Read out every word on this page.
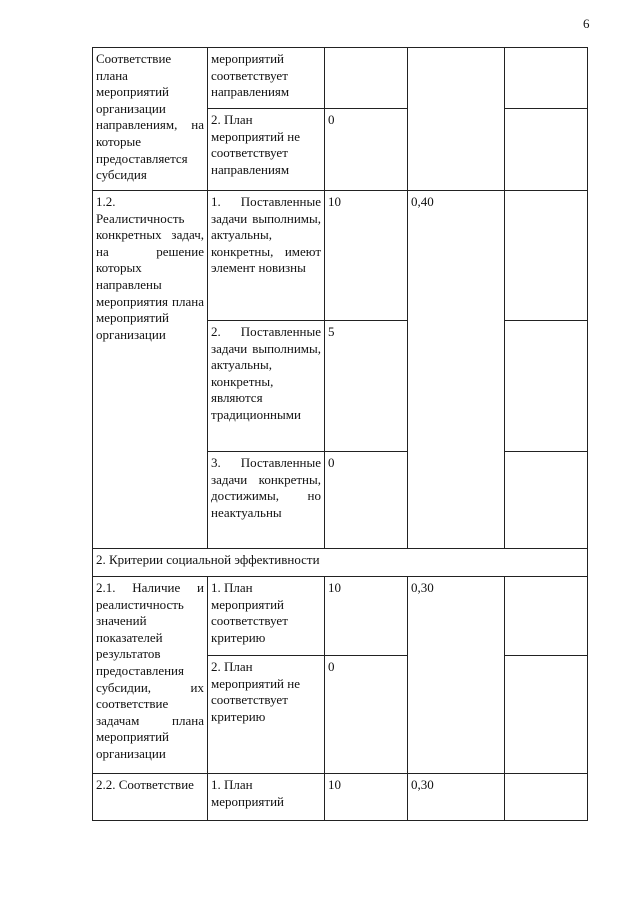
6
Соответствие плана мероприятий организации направлениям, на которые предоставляется субсидия	мероприятий соответствует направлениям			
	2. План мероприятий не соответствует направлениям	0		
1.2. Реалистичность конкретных задач, на решение которых направлены мероприятия плана мероприятий организации	1. Поставленные задачи выполнимы, актуальны, конкретны, имеют элемент новизны	10	0,40	
	2. Поставленные задачи выполнимы, актуальны, конкретны, являются традиционными	5		
	3. Поставленные задачи конкретны, достижимы, но неактуальны	0		
2. Критерии социальной эффективности				
2.1. Наличие и реалистичность значений показателей результатов предоставления субсидии, их соответствие задачам плана мероприятий организации	1. План мероприятий соответствует критерию	10	0,30	
	2. План мероприятий не соответствует критерию	0		
2.2. Соответствие	1. План мероприятий	10	0,30	
